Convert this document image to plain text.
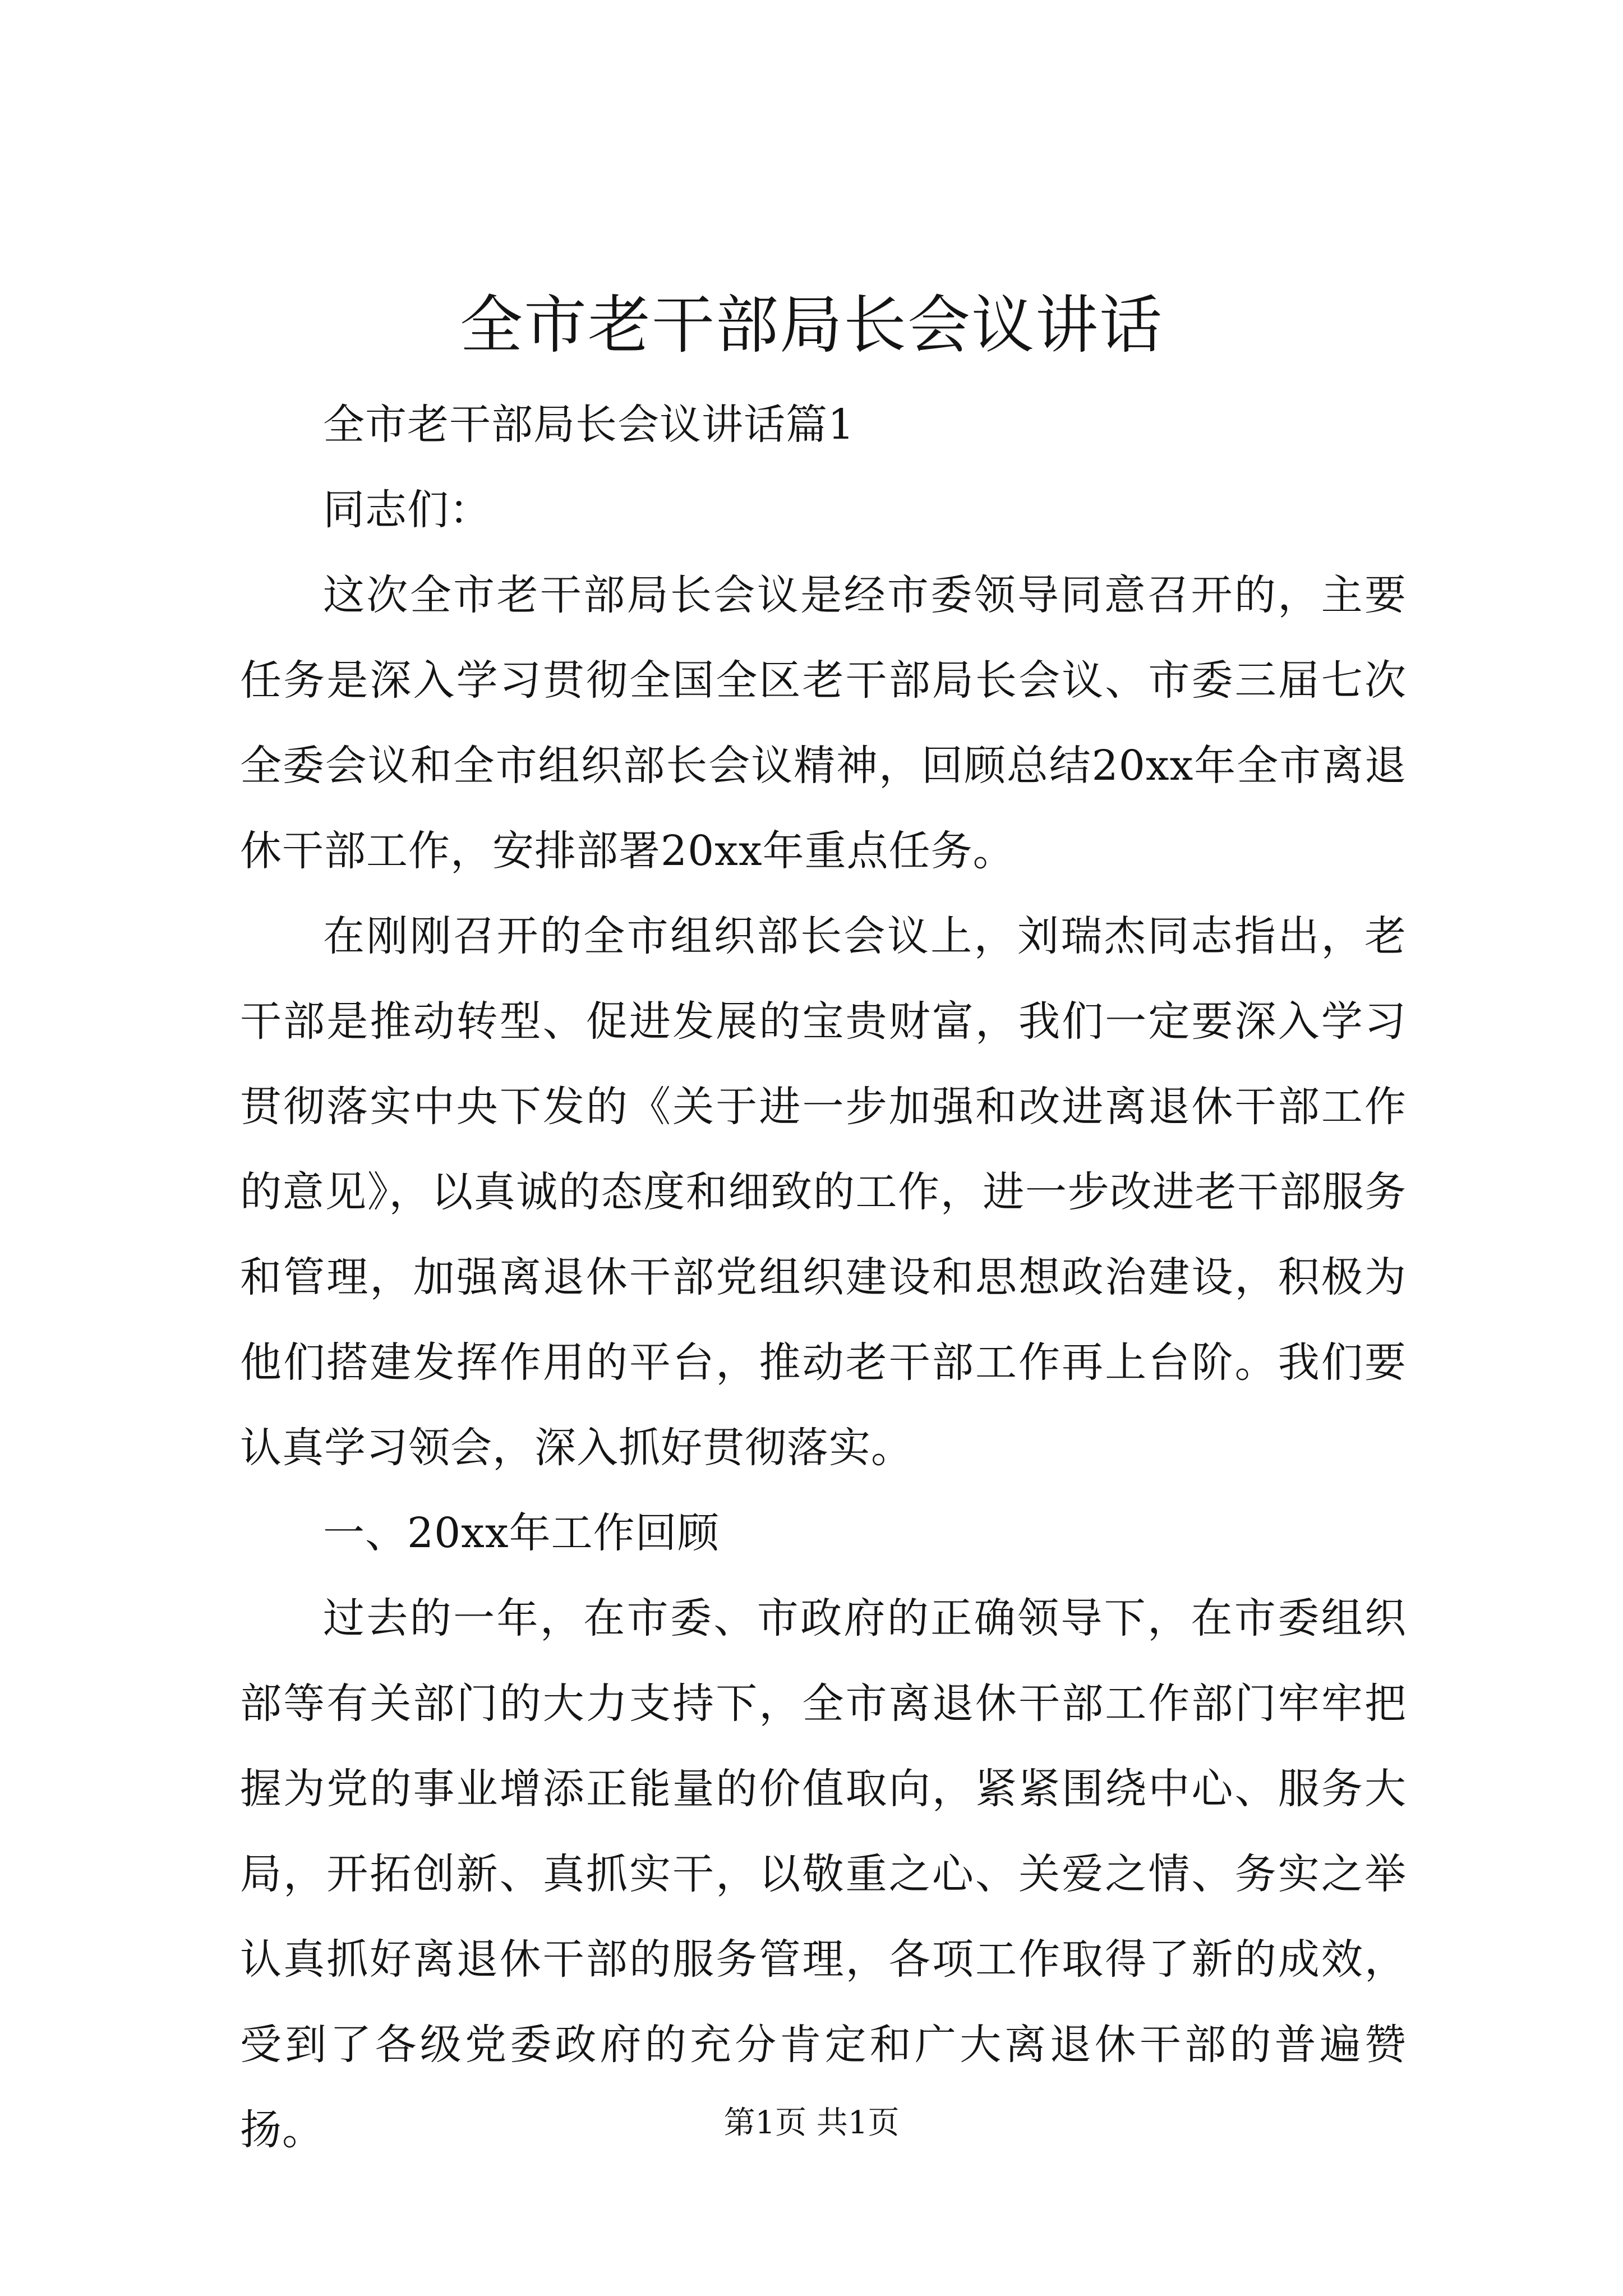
全市老干部局长会议讲话

全市老干部局长会议讲话篇1

同志们：

这次全市老干部局长会议是经市委领导同意召开的，主要任务是深入学习贯彻全国全区老干部局长会议、市委三届七次全委会议和全市组织部长会议精神，回顾总结20xx年全市离退休干部工作，安排部署20xx年重点任务。

在刚刚召开的全市组织部长会议上，刘瑞杰同志指出，老干部是推动转型、促进发展的宝贵财富，我们一定要深入学习贯彻落实中央下发的《关于进一步加强和改进离退休干部工作的意见》，以真诚的态度和细致的工作，进一步改进老干部服务和管理，加强离退休干部党组织建设和思想政治建设，积极为他们搭建发挥作用的平台，推动老干部工作再上台阶。我们要认真学习领会，深入抓好贯彻落实。

一、20xx年工作回顾

过去的一年，在市委、市政府的正确领导下，在市委组织部等有关部门的大力支持下，全市离退休干部工作部门牢牢把握为党的事业增添正能量的价值取向，紧紧围绕中心、服务大局，开拓创新、真抓实干，以敬重之心、关爱之情、务实之举认真抓好离退休干部的服务管理，各项工作取得了新的成效，受到了各级党委政府的充分肯定和广大离退休干部的普遍赞扬。	第1页 共1页
